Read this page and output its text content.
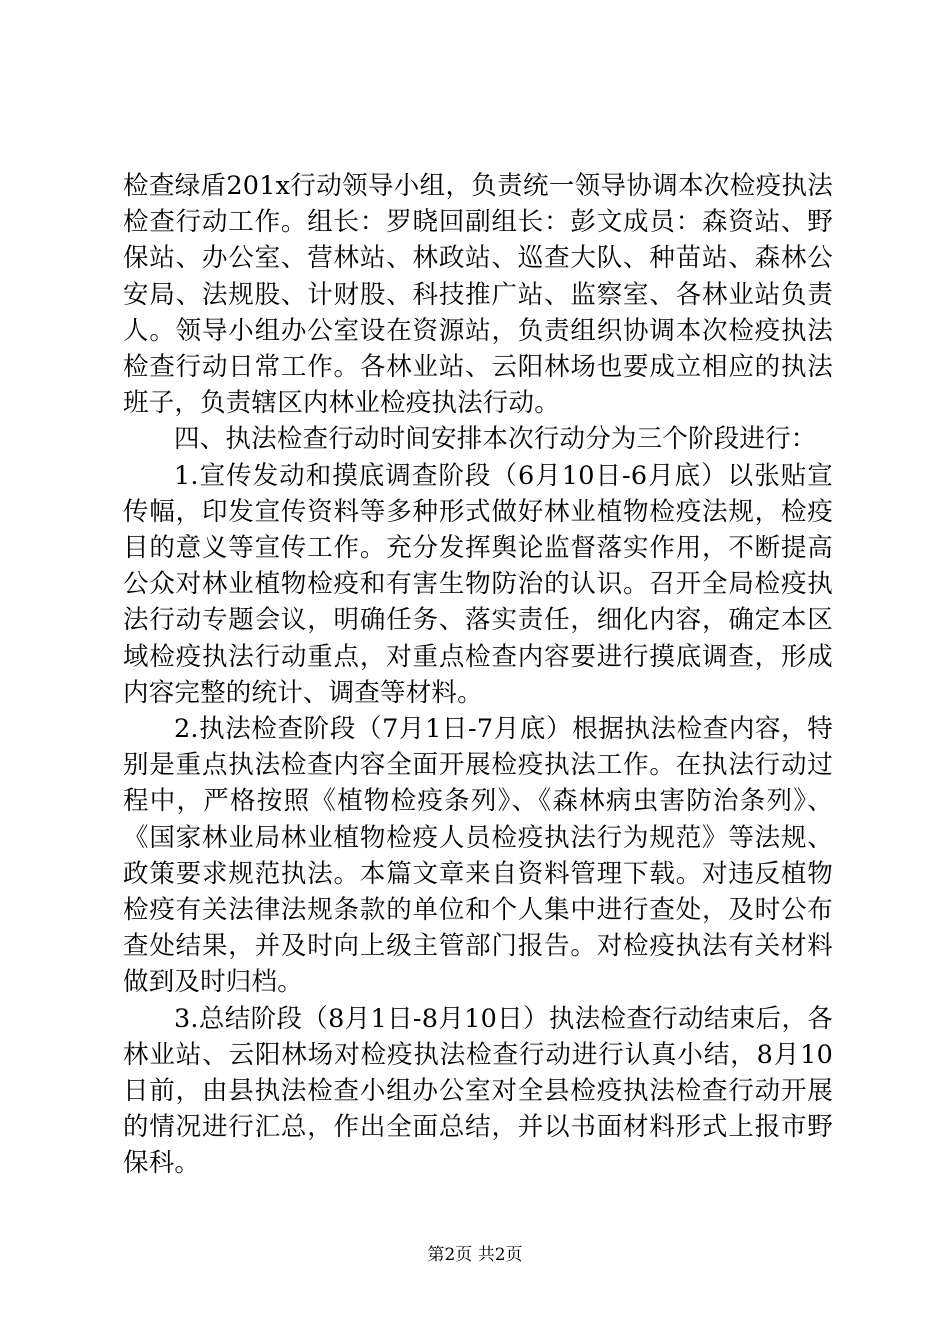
检查绿盾201x行动领导小组，负责统一领导协调本次检疫执法检查行动工作。组长：罗晓回副组长：彭文成员：森资站、野保站、办公室、营林站、林政站、巡查大队、种苗站、森林公安局、法规股、计财股、科技推广站、监察室、各林业站负责人。领导小组办公室设在资源站，负责组织协调本次检疫执法检查行动日常工作。各林业站、云阳林场也要成立相应的执法班子，负责辖区内林业检疫执法行动。

四、执法检查行动时间安排本次行动分为三个阶段进行：

1.宣传发动和摸底调查阶段（6月10日-6月底）以张贴宣传幅，印发宣传资料等多种形式做好林业植物检疫法规，检疫目的意义等宣传工作。充分发挥舆论监督落实作用，不断提高公众对林业植物检疫和有害生物防治的认识。召开全局检疫执法行动专题会议，明确任务、落实责任，细化内容，确定本区域检疫执法行动重点，对重点检查内容要进行摸底调查，形成内容完整的统计、调查等材料。

2.执法检查阶段（7月1日-7月底）根据执法检查内容，特别是重点执法检查内容全面开展检疫执法工作。在执法行动过程中，严格按照《植物检疫条列》、《森林病虫害防治条列》、《国家林业局林业植物检疫人员检疫执法行为规范》等法规、政策要求规范执法。本篇文章来自资料管理下载。对违反植物检疫有关法律法规条款的单位和个人集中进行查处，及时公布查处结果，并及时向上级主管部门报告。对检疫执法有关材料做到及时归档。

3.总结阶段（8月1日-8月10日）执法检查行动结束后，各林业站、云阳林场对检疫执法检查行动进行认真小结，8月10日前，由县执法检查小组办公室对全县检疫执法检查行动开展的情况进行汇总，作出全面总结，并以书面材料形式上报市野保科。

第2页 共2页
